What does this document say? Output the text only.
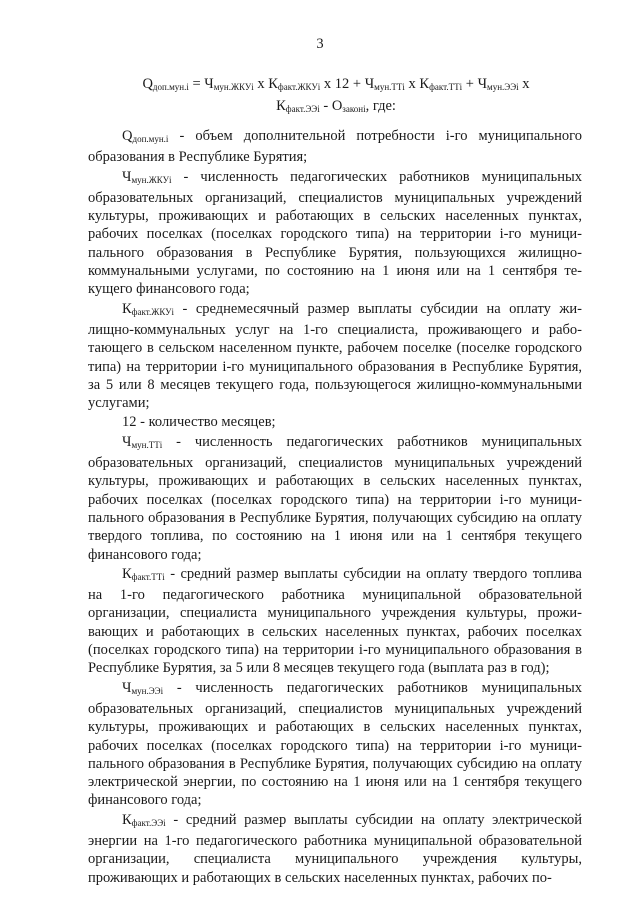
3
$Q_{доп.мун.i} = Ч_{мун.ЖКУi}$ х $К_{факт.ЖКУi}$ х $12 + Ч_{мун.ТТi}$ х $К_{факт.ТТi} + Ч_{мун.ЭЭi}$ х
$К_{факт.ЭЭi} - О_{законі}$, где:

$Q_{доп.мун.i}$ - объем дополнительной потребности i-го муниципального образования в Республике Бурятия;

$Ч_{мун.ЖКУi}$ - численность педагогических работников муниципальных образовательных организаций, специалистов муниципальных учреждений культуры, проживающих и работающих в сельских населенных пунктах, рабочих поселках (поселках городского типа) на территории i-го муниципального образования в Республике Бурятия, пользующихся жилищно-коммунальными услугами, по состоянию на 1 июня или на 1 сентября текущего финансового года;

$К_{факт.ЖКУi}$ - среднемесячный размер выплаты субсидии на оплату жилищно-коммунальных услуг на 1-го специалиста, проживающего и работающего в сельском населенном пункте, рабочем поселке (поселке городского типа) на территории i-го муниципального образования в Республике Бурятия, за 5 или 8 месяцев текущего года, пользующегося жилищно-коммунальными услугами;

12 - количество месяцев;

$Ч_{мун.ТТi}$ - численность педагогических работников муниципальных образовательных организаций, специалистов муниципальных учреждений культуры, проживающих и работающих в сельских населенных пунктах, рабочих поселках (поселках городского типа) на территории i-го муниципального образования в Республике Бурятия, получающих субсидию на оплату твердого топлива, по состоянию на 1 июня или на 1 сентября текущего финансового года;

$К_{факт.ТТi}$ - средний размер выплаты субсидии на оплату твердого топлива на 1-го педагогического работника муниципальной образовательной организации, специалиста муниципального учреждения культуры, проживающих и работающих в сельских населенных пунктах, рабочих поселках (поселках городского типа) на территории i-го муниципального образования в Республике Бурятия, за 5 или 8 месяцев текущего года (выплата раз в год);

$Ч_{мун.ЭЭi}$ - численность педагогических работников муниципальных образовательных организаций, специалистов муниципальных учреждений культуры, проживающих и работающих в сельских населенных пунктах, рабочих поселках (поселках городского типа) на территории i-го муниципального образования в Республике Бурятия, получающих субсидию на оплату электрической энергии, по состоянию на 1 июня или на 1 сентября текущего финансового года;

$К_{факт.ЭЭi}$ - средний размер выплаты субсидии на оплату электрической энергии на 1-го педагогического работника муниципальной образовательной организации, специалиста муниципального учреждения культуры, проживающих и работающих в сельских населенных пунктах, рабочих по-
